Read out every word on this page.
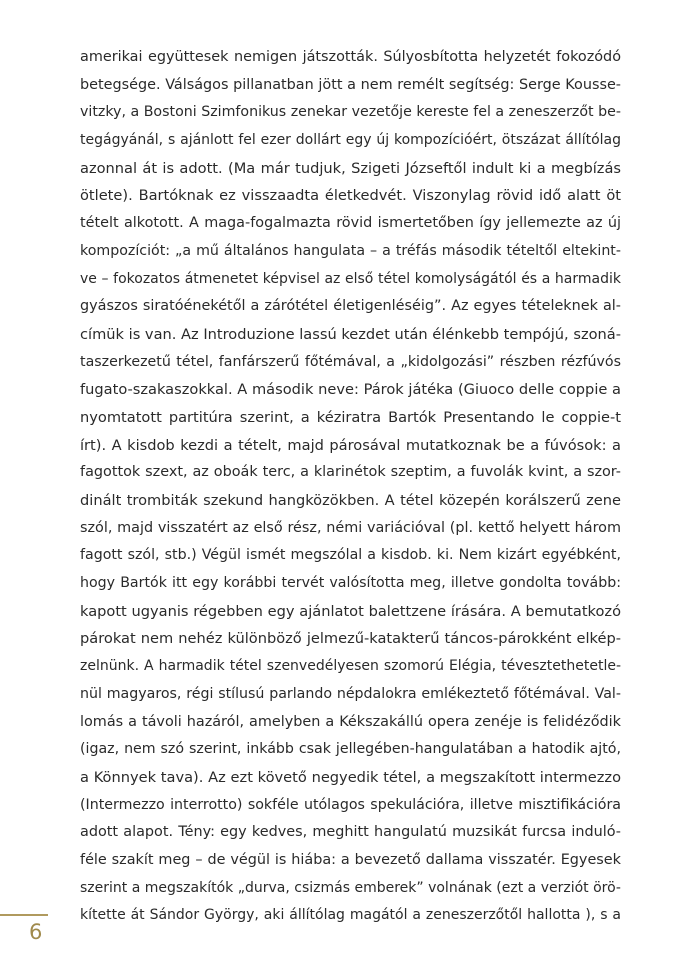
amerikai együttesek nemigen játszották. Súlyosbította helyzetét fokozódó
betegsége. Válságos pillanatban jött a nem remélt segítség: Serge Kousse-
vitzky, a Bostoni Szimfonikus zenekar vezetője kereste fel a zeneszerzőt be-
tegágyánál, s ajánlott fel ezer dollárt egy új kompozícióért, ötszázat állítólag
azonnal át is adott. (Ma már tudjuk, Szigeti Józseftől indult ki a megbízás
ötlete). Bartóknak ez visszaadta életkedvét. Viszonylag rövid idő alatt öt
tételt alkotott. A maga-fogalmazta rövid ismertetőben így jellemezte az új
kompozíciót: „a mű általános hangulata – a tréfás második tételtől eltekint-
ve – fokozatos átmenetet képvisel az első tétel komolyságától és a harmadik
gyászos siratóénekétől a zárótétel életigenléséig”. Az egyes tételeknek al-
címük is van. Az Introduzione lassú kezdet után élénkebb tempójú, szoná-
taszerkezetű tétel, fanfárszerű főtémával, a „kidolgozási” részben rézfúvós
fugato-szakaszokkal. A második neve: Párok játéka (Giuoco delle coppie a
nyomtatott partitúra szerint, a kéziratra Bartók Presentando le coppie-t
írt). A kisdob kezdi a tételt, majd párosával mutatkoznak be a fúvósok: a
fagottok szext, az oboák terc, a klarinétok szeptim, a fuvolák kvint, a szor-
dinált trombiták szekund hangközökben. A tétel közepén korálszerű zene
szól, majd visszatért az első rész, némi variációval (pl. kettő helyett három
fagott szól, stb.) Végül ismét megszólal a kisdob. ki. Nem kizárt egyébként,
hogy Bartók itt egy korábbi tervét valósította meg, illetve gondolta tovább:
kapott ugyanis régebben egy ajánlatot balettzene írására. A bemutatkozó
párokat nem nehéz különböző jelmezű-katakterű táncos-párokként elkép-
zelnünk. A harmadik tétel szenvedélyesen szomorú Elégia, tévesztethetetle-
nül magyaros, régi stílusú parlando népdalokra emlékeztető főtémával. Val-
lomás a távoli hazáról, amelyben a Kékszakállú opera zenéje is felidéződik
(igaz, nem szó szerint, inkább csak jellegében-hangulatában a hatodik ajtó,
a Könnyek tava). Az ezt követő negyedik tétel, a megszakított intermezzo
(Intermezzo interrotto) sokféle utólagos spekulációra, illetve misztifikációra
adott alapot. Tény: egy kedves, meghitt hangulatú muzsikát furcsa induló-
féle szakít meg – de végül is hiába: a bevezető dallama visszatér. Egyesek
szerint a megszakítók „durva, csizmás emberek” volnának (ezt a verziót örö-
kítette át Sándor György, aki állítólag magától a zeneszerzőtől hallotta ), s a
6
